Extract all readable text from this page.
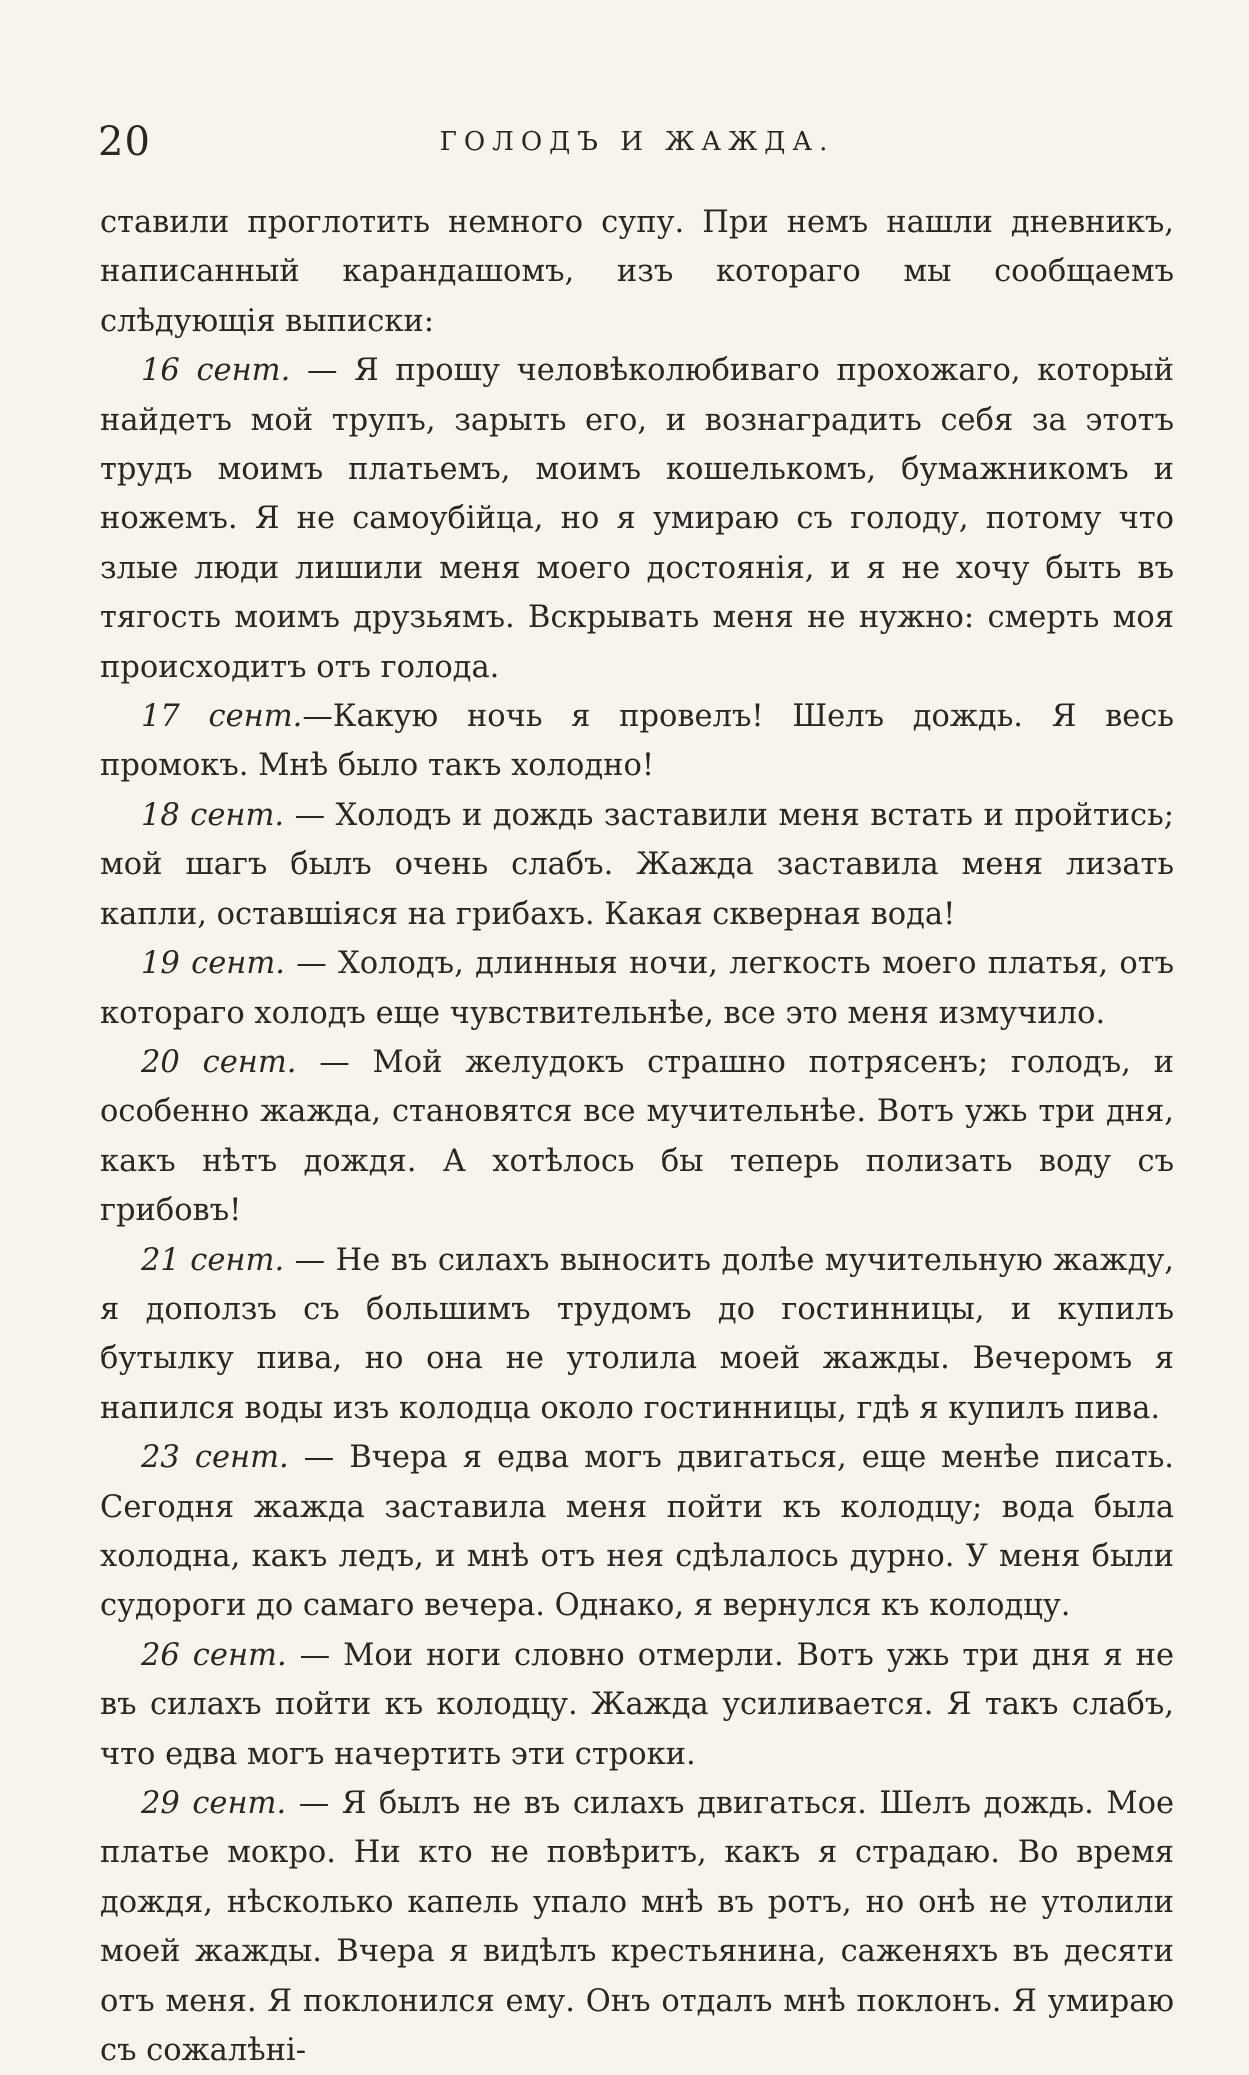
20	ГОЛОДЪ И ЖАЖДА.

ставили проглотить немного супу. При немъ нашли дневникъ, написанный карандашомъ, изъ котораго мы сообщаемъ слѣдующія выписки:

16 сент. — Я прошу человѣколюбиваго прохожаго, который найдетъ мой трупъ, зарыть его, и вознаградить себя за этотъ трудъ моимъ платьемъ, моимъ кошелькомъ, бумажникомъ и ножемъ. Я не самоубійца, но я умираю съ голоду, потому что злые люди лишили меня моего достоянія, и я не хочу быть въ тягость моимъ друзьямъ. Вскрывать меня не нужно: смерть моя происходитъ отъ голода.

17 сент.—Какую ночь я провелъ! Шелъ дождь. Я весь промокъ. Мнѣ было такъ холодно!

18 сент. — Холодъ и дождь заставили меня встать и пройтись; мой шагъ былъ очень слабъ. Жажда заставила меня лизать капли, оставшіяся на грибахъ. Какая скверная вода!

19 сент. — Холодъ, длинныя ночи, легкость моего платья, отъ котораго холодъ еще чувствительнѣе, все это меня измучило.

20 сент. — Мой желудокъ страшно потрясенъ; голодъ, и особенно жажда, становятся все мучительнѣе. Вотъ ужь три дня, какъ нѣтъ дождя. А хотѣлось бы теперь полизать воду съ грибовъ!

21 сент. — Не въ силахъ выносить долѣе мучительную жажду, я доползъ съ большимъ трудомъ до гостинницы, и купилъ бутылку пива, но она не утолила моей жажды. Вечеромъ я напился воды изъ колодца около гостинницы, гдѣ я купилъ пива.

23 сент. — Вчера я едва могъ двигаться, еще менѣе писать. Сегодня жажда заставила меня пойти къ колодцу; вода была холодна, какъ ледъ, и мнѣ отъ нея сдѣлалось дурно. У меня были судороги до самаго вечера. Однако, я вернулся къ колодцу.

26 сент. — Мои ноги словно отмерли. Вотъ ужь три дня я не въ силахъ пойти къ колодцу. Жажда усиливается. Я такъ слабъ, что едва могъ начертить эти строки.

29 сент. — Я былъ не въ силахъ двигаться. Шелъ дождь. Мое платье мокро. Ни кто не повѣритъ, какъ я страдаю. Во время дождя, нѣсколько капель упало мнѣ въ ротъ, но онѣ не утолили моей жажды. Вчера я видѣлъ крестьянина, саженяхъ въ десяти отъ меня. Я поклонился ему. Онъ отдалъ мнѣ поклонъ. Я умираю съ сожалѣні-
